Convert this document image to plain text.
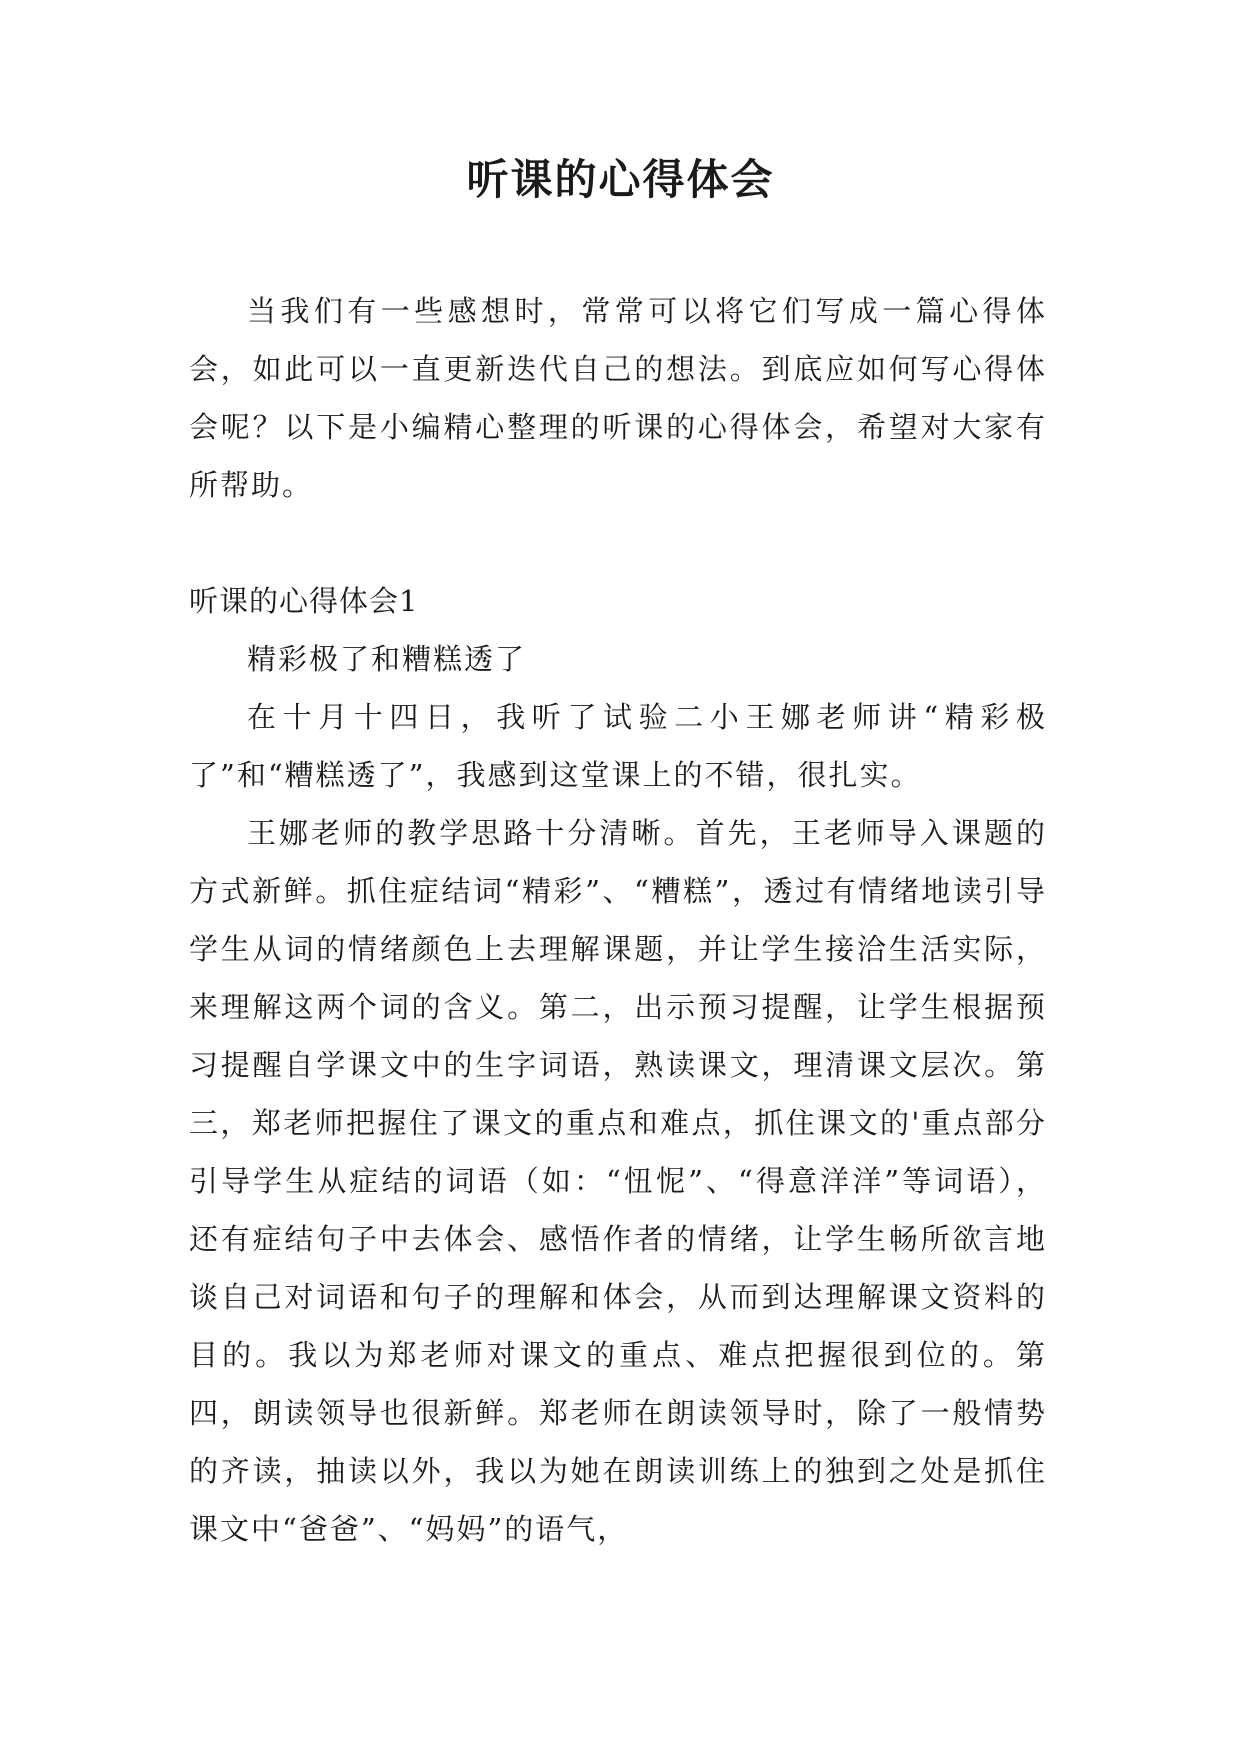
听课的心得体会

当我们有一些感想时，常常可以将它们写成一篇心得体会，如此可以一直更新迭代自己的想法。到底应如何写心得体会呢？以下是小编精心整理的听课的心得体会，希望对大家有所帮助。

听课的心得体会1

精彩极了和糟糕透了

在十月十四日，我听了试验二小王娜老师讲“精彩极了”和“糟糕透了”，我感到这堂课上的不错，很扎实。

王娜老师的教学思路十分清晰。首先，王老师导入课题的方式新鲜。抓住症结词“精彩”、“糟糕”，透过有情绪地读引导学生从词的情绪颜色上去理解课题，并让学生接洽生活实际，来理解这两个词的含义。第二，出示预习提醒，让学生根据预习提醒自学课文中的生字词语，熟读课文，理清课文层次。第三，郑老师把握住了课文的重点和难点，抓住课文的'重点部分引导学生从症结的词语（如：“忸怩”、“得意洋洋”等词语），还有症结句子中去体会、感悟作者的情绪，让学生畅所欲言地谈自己对词语和句子的理解和体会，从而到达理解课文资料的目的。我以为郑老师对课文的重点、难点把握很到位的。第四，朗读领导也很新鲜。郑老师在朗读领导时，除了一般情势的齐读，抽读以外，我以为她在朗读训练上的独到之处是抓住课文中“爸爸”、“妈妈”的语气，
